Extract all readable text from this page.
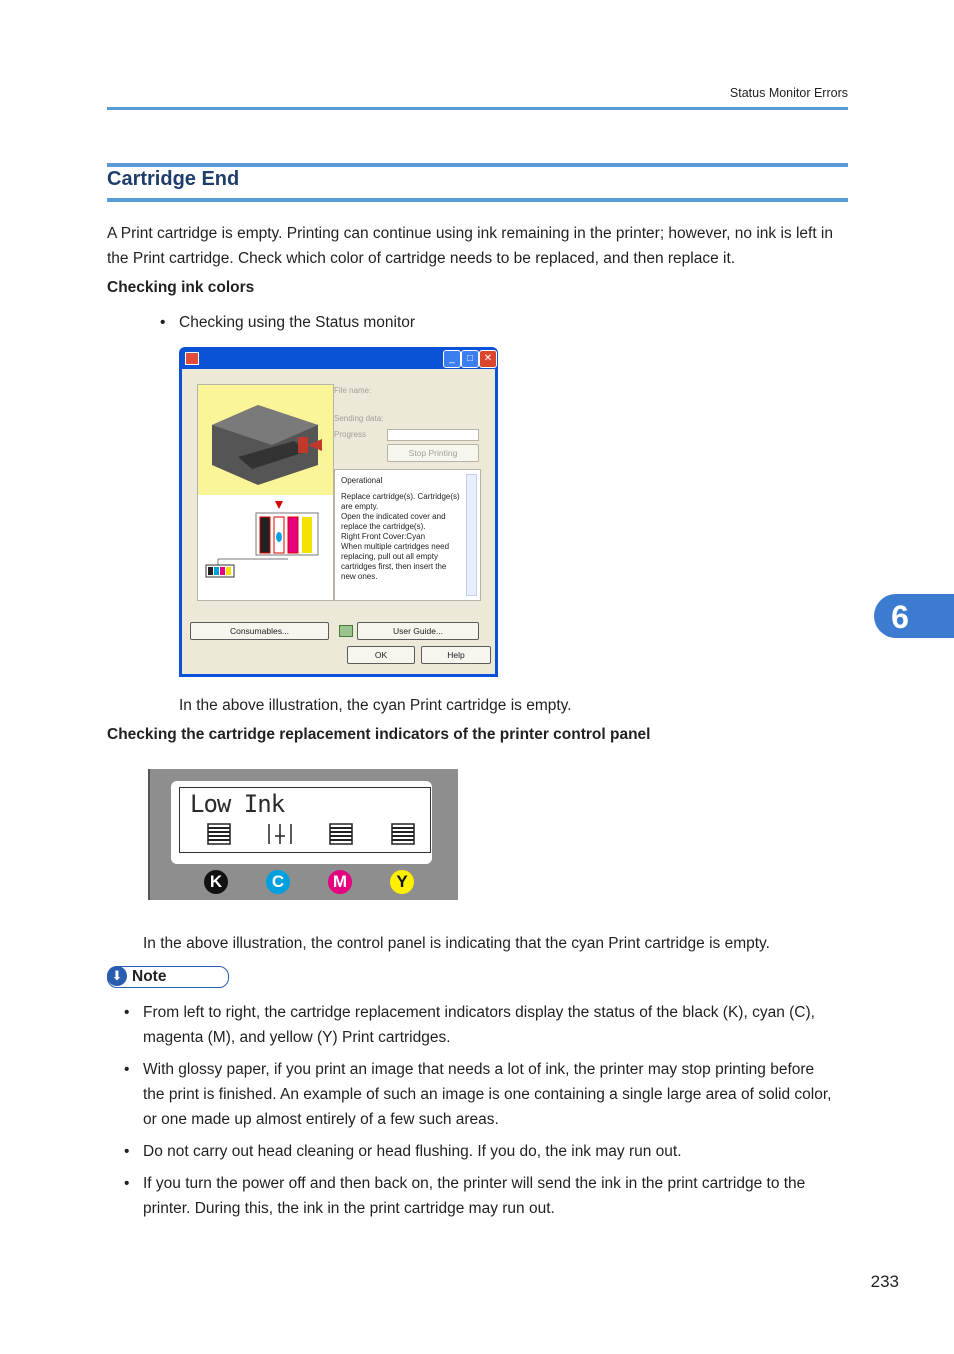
Status Monitor Errors
Cartridge End
A Print cartridge is empty. Printing can continue using ink remaining in the printer; however, no ink is left in the Print cartridge. Check which color of cartridge needs to be replaced, and then replace it.
Checking ink colors
• Checking using the Status monitor
_	□	✕
File name:
Sending data:
Progress
Stop Printing
Operational
Replace cartridge(s). Cartridge(s)
are empty.
Open the indicated cover and
replace the cartridge(s).
Right Front Cover:Cyan
When multiple cartridges need
replacing, pull out all empty
cartridges first, then insert the
new ones.
Consumables...	User Guide...
OK	Help
In the above illustration, the cyan Print cartridge is empty.
Checking the cartridge replacement indicators of the printer control panel
Low Ink
K	C	M	Y
In the above illustration, the control panel is indicating that the cyan Print cartridge is empty.
⬇ Note
• From left to right, the cartridge replacement indicators display the status of the black (K), cyan (C),
magenta (M), and yellow (Y) Print cartridges.
• With glossy paper, if you print an image that needs a lot of ink, the printer may stop printing before
the print is finished. An example of such an image is one containing a single large area of solid color,
or one made up almost entirely of a few such areas.
• Do not carry out head cleaning or head flushing. If you do, the ink may run out.
• If you turn the power off and then back on, the printer will send the ink in the print cartridge to the
printer. During this, the ink in the print cartridge may run out.
6
233
